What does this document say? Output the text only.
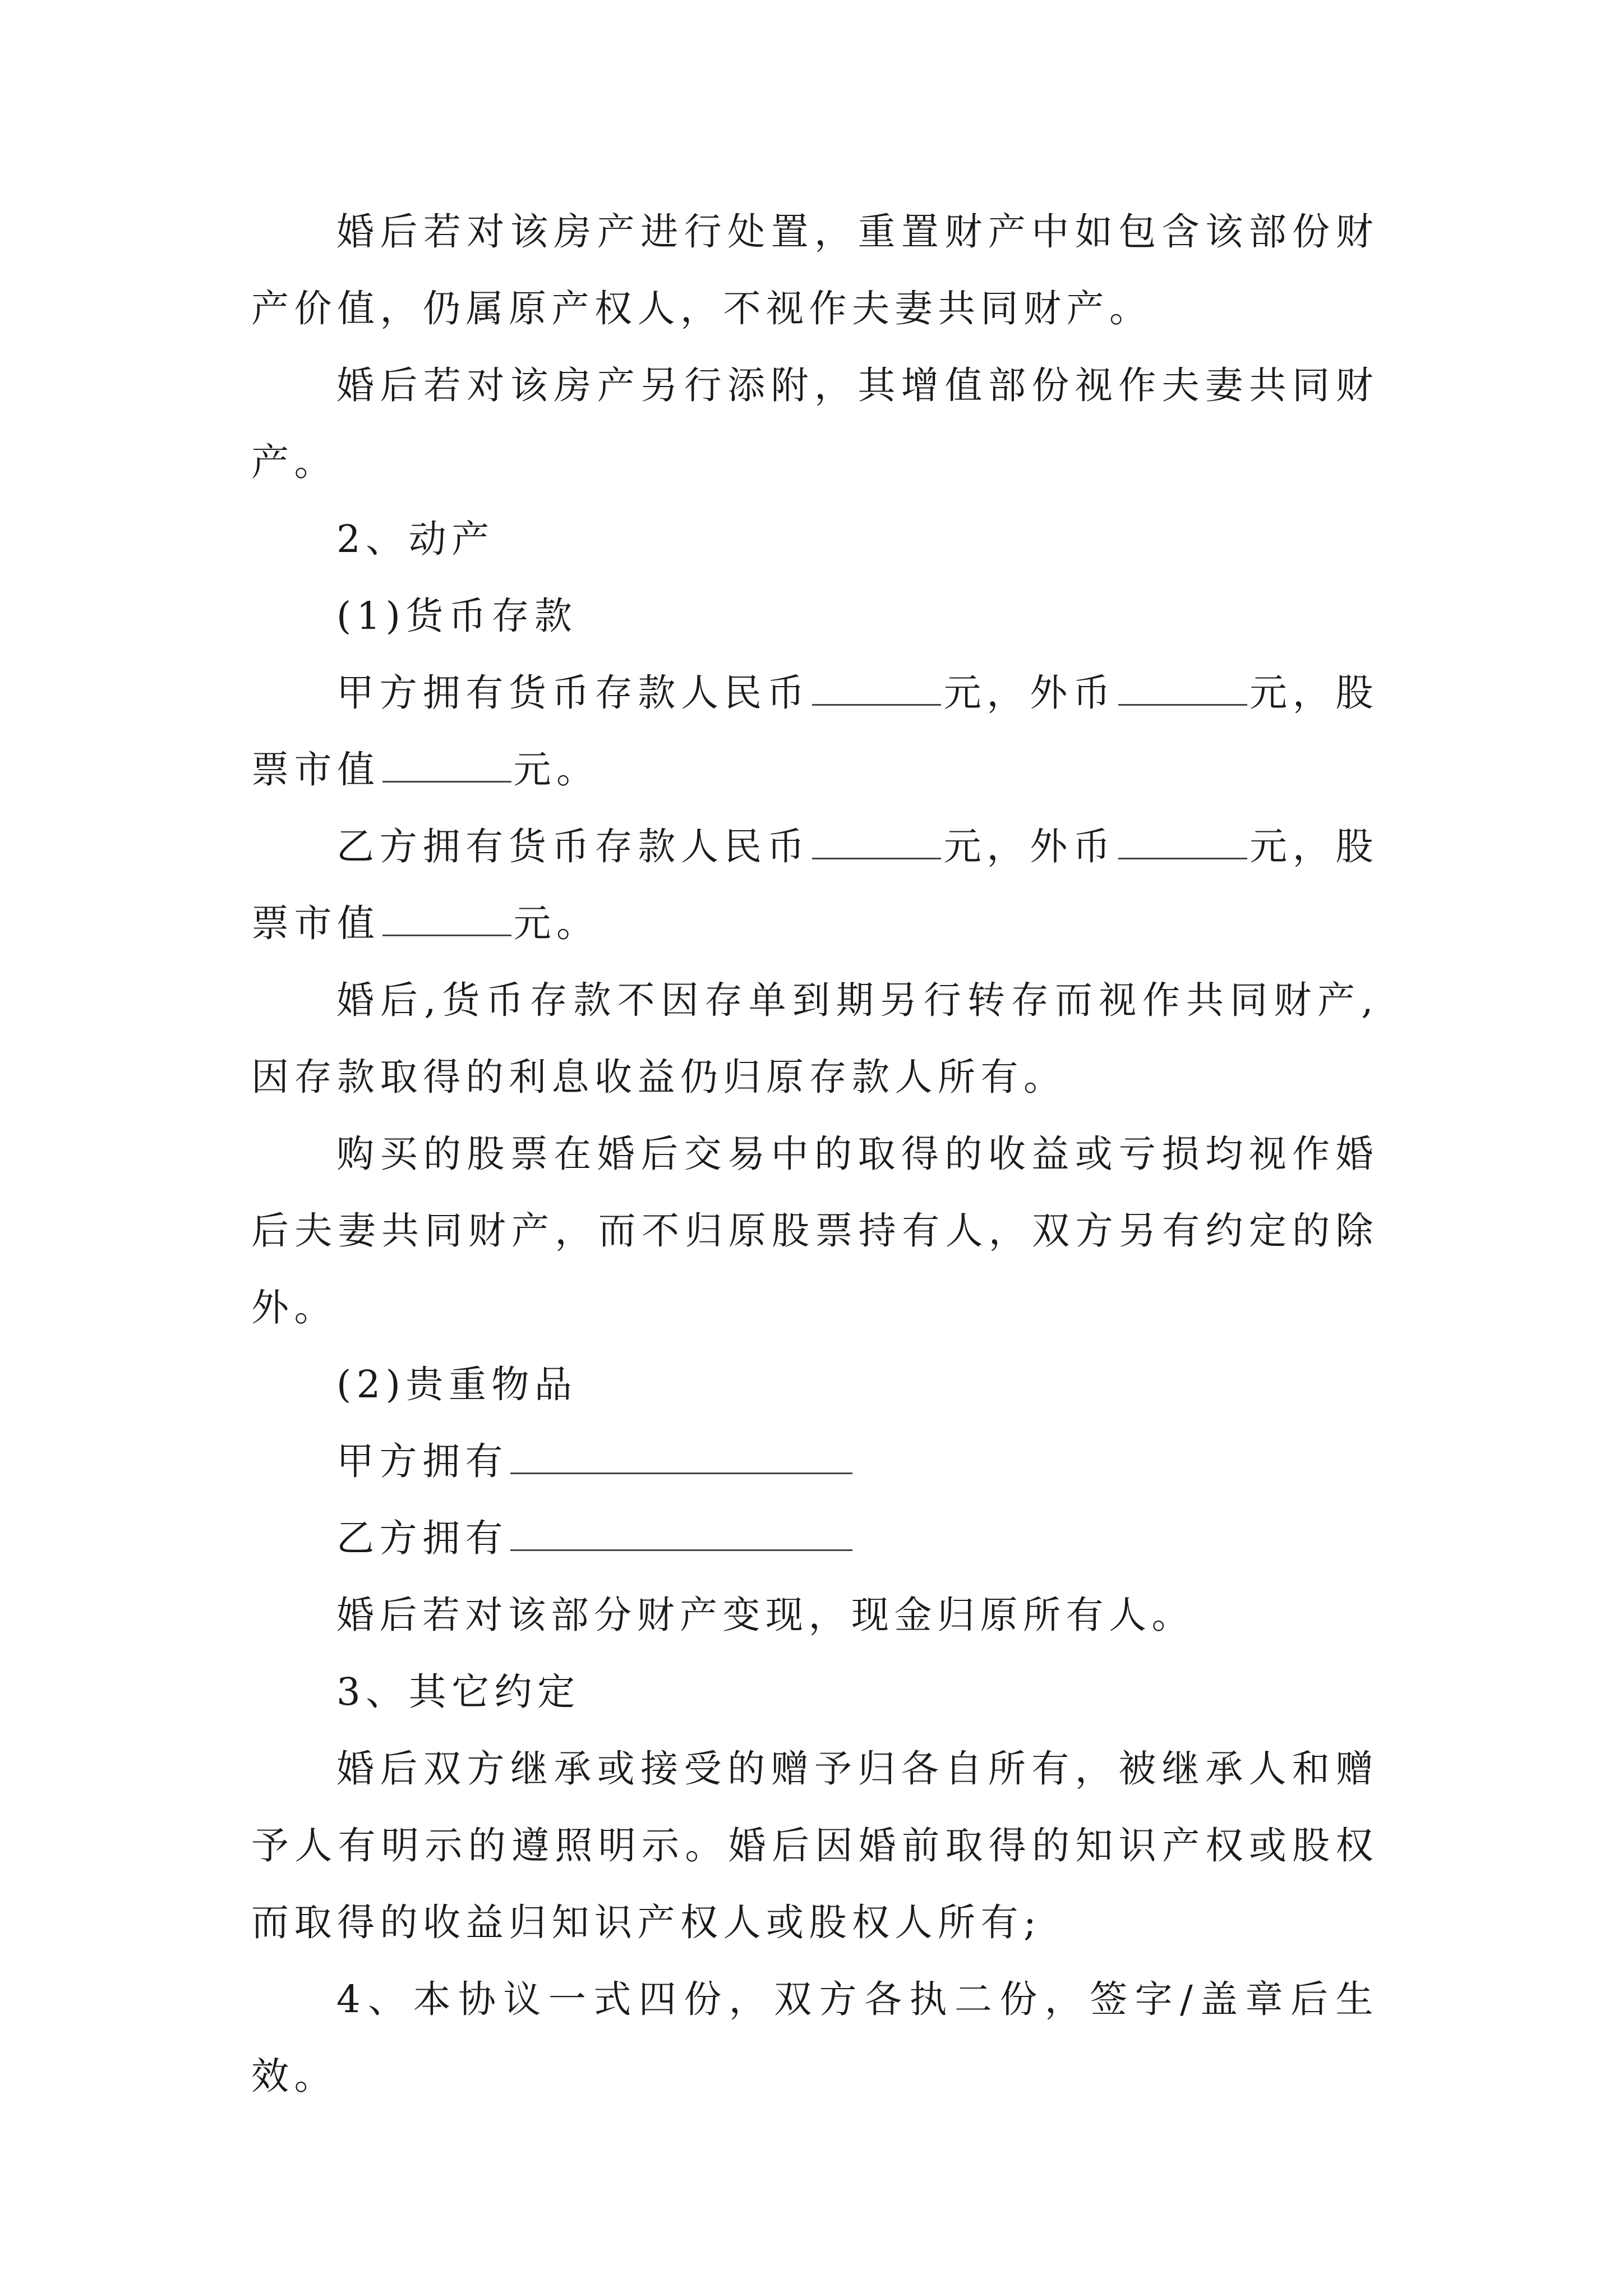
婚后若对该房产进行处置，重置财产中如包含该部份财产价值，仍属原产权人，不视作夫妻共同财产。

婚后若对该房产另行添附，其增值部份视作夫妻共同财产。

2、动产

(1)货币存款

甲方拥有货币存款人民币	元，外币	元，股票市值	元。

乙方拥有货币存款人民币	元，外币	元，股票市值	元。

婚后,货币存款不因存单到期另行转存而视作共同财产,因存款取得的利息收益仍归原存款人所有。

购买的股票在婚后交易中的取得的收益或亏损均视作婚后夫妻共同财产，而不归原股票持有人，双方另有约定的除外。

(2)贵重物品

甲方拥有

乙方拥有

婚后若对该部分财产变现，现金归原所有人。

3、其它约定

婚后双方继承或接受的赠予归各自所有，被继承人和赠予人有明示的遵照明示。婚后因婚前取得的知识产权或股权而取得的收益归知识产权人或股权人所有;

4、本协议一式四份，双方各执二份，签字/盖章后生效。
